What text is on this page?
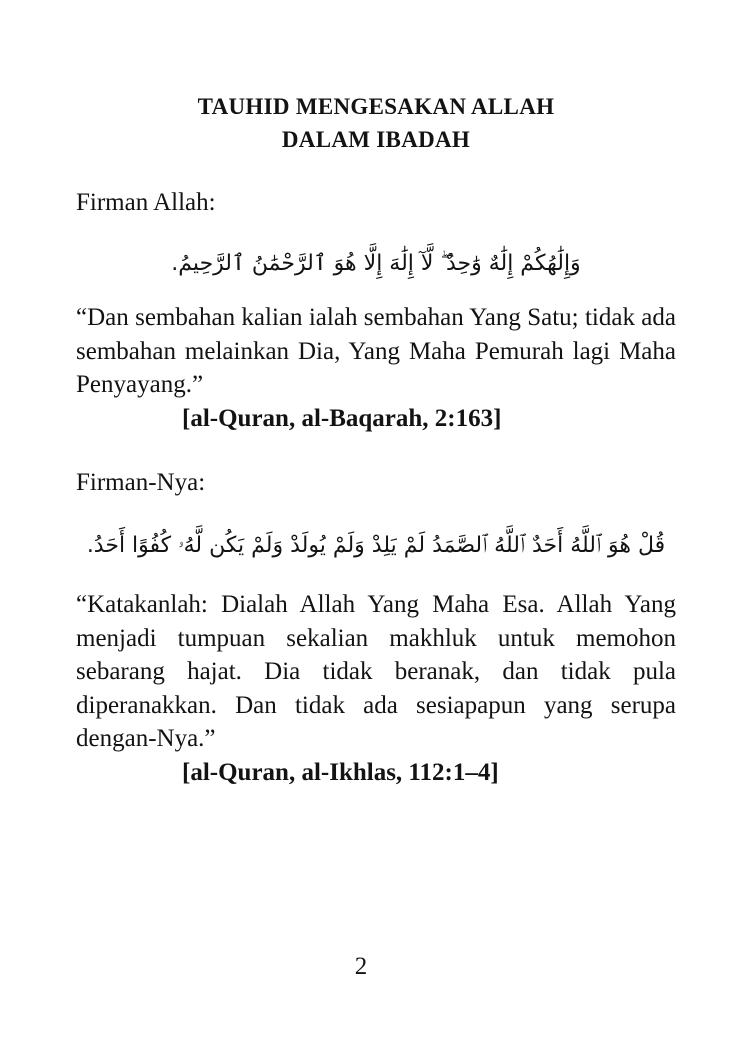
TAUHID MENGESAKAN ALLAH
DALAM IBADAH

Firman Allah:

وَإِلَٰهُكُمْ إِلَٰهٌ وَٰحِدٌ ۖ لَّآ إِلَٰهَ إِلَّا هُوَ ٱلرَّحْمَٰنُ ٱلرَّحِيمُ.

“Dan sembahan kalian ialah sembahan Yang Satu; tidak ada sembahan melainkan Dia, Yang Maha Pemurah lagi Maha Penyayang.”

[al-Quran, al-Baqarah, 2:163]

Firman-Nya:

قُلْ هُوَ ٱللَّهُ أَحَدٌ ٱللَّهُ ٱلصَّمَدُ لَمْ يَلِدْ وَلَمْ يُولَدْ وَلَمْ يَكُن لَّهُۥ كُفُوًا أَحَدُ.

“Katakanlah: Dialah Allah Yang Maha Esa. Allah Yang menjadi tumpuan sekalian makhluk untuk memohon sebarang hajat. Dia tidak beranak, dan tidak pula diperanakkan. Dan tidak ada sesiapapun yang serupa dengan-Nya.”

[al-Quran, al-Ikhlas, 112:1–4]

2
